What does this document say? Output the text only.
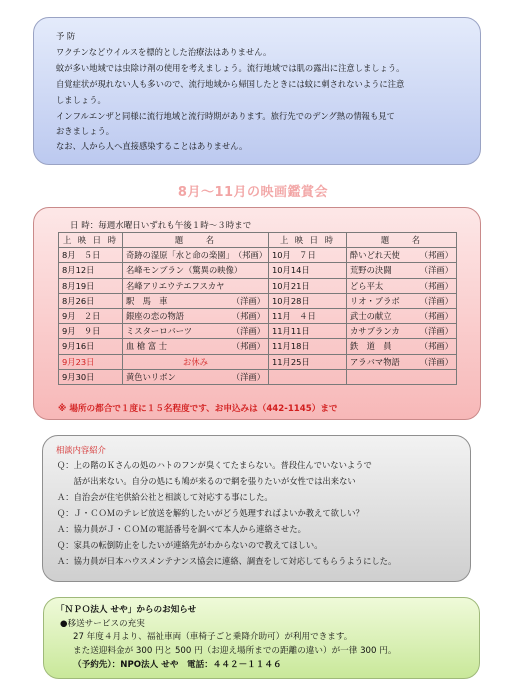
予 防
ワクチンなどウイルスを標的とした治療法はありません。
蚊が多い地域では虫除け剤の使用を考えましょう。流行地域では肌の露出に注意しましょう。
自覚症状が現れない人も多いので、流行地域から帰国したときには蚊に刺されないように注意
しましょう。
インフルエンザと同様に流行地域と流行時期があります。旅行先でのデング熱の情報も見て
おきましょう。
なお、人から人へ直接感染することはありません。
8月～11月の映画鑑賞会
日 時：毎週水曜日いずれも午後１時～３時まで
上 映 日 時	題　　名	上 映 日 時	題　　名
8月　５日	奇跡の湿原「水と命の楽園」 （邦画）	10月　７日	酔いどれ天使 （邦画）

8月12日	名峰モンブラン（驚異の映像）	10月14日	荒野の決闘 （洋画）

8月19日	名峰アリエウテエフスカヤ	10月21日	どら平太 （邦画）

8月26日	駅　馬　車 （洋画）	10月28日	リオ・ブラボ （洋画）

9月　２日	銀座の恋の物語 （邦画）	11月　４日	武士の献立 （邦画）

9月　９日	ミスターロバーツ （洋画）	11月11日	カサブランカ （洋画）

9月16日	血 槍 富 士 （邦画）	11月18日	鉄　道　員 （邦画）

9月23日	お休み	11月25日	アラバマ物語 （洋画）

9月30日	黄色いリボン （洋画）		

※ 場所の都合で１度に１５名程度です、お申込みは（442-1145）まで
Ｑ：上の階のＫさんの処のハトのフンが臭くてたまらない。普段住んでいないようで
　　話が出来ない。自分の処にも鳩が来るので網を張りたいが女性では出来ない
Ａ：自治会が住宅供給公社と相談して対応する事にした。
Ｑ：Ｊ・ＣＯＭのテレビ放送を解約したいがどう処理すればよいか教えて欲しい？
Ａ：協力員がＪ・ＣＯＭの電話番号を調べて本人から連絡させた。
Ｑ：家具の転倒防止をしたいが連絡先がわからないので教えてほしい。
Ａ：協力員が日本ハウスメンテナンス協会に連絡、調査をして対応してもらうようにした。
相談内容紹介
「ＮＰＯ法人 せや」からのお知らせ
●移送サービスの充実
27 年度４月より、福祉車両（車椅子ごと乗降介助可）が利用できます。
また送迎料金が 300 円と 500 円（お迎え場所までの距離の違い）が一律 300 円。
（予約先）：NPO法人 せや　電話：４４２－１１４６
